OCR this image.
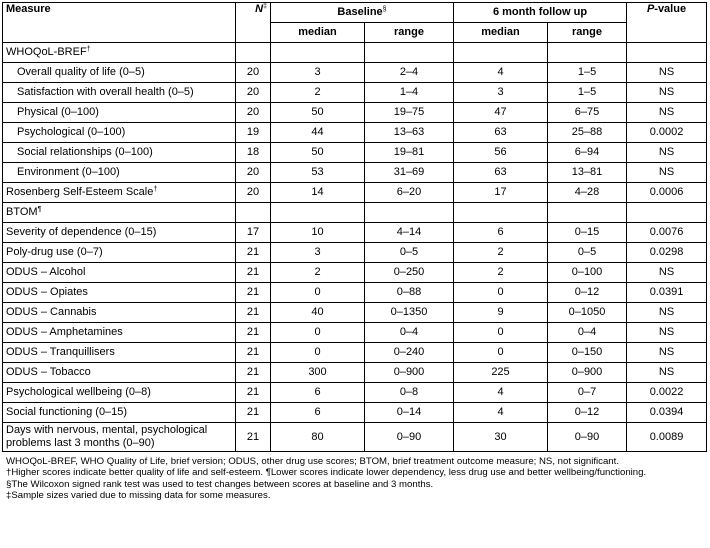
Measure	N‡	Baseline§		6 month follow up		P-value
		median	range	median	range	
WHOQoL-BREF†						
Overall quality of life (0–5)	20	3	2–4	4	1–5	NS
Satisfaction with overall health (0–5)	20	2	1–4	3	1–5	NS
Physical (0–100)	20	50	19–75	47	6–75	NS
Psychological (0–100)	19	44	13–63	63	25–88	0.0002
Social relationships (0–100)	18	50	19–81	56	6–94	NS
Environment (0–100)	20	53	31–69	63	13–81	NS
Rosenberg Self-Esteem Scale†	20	14	6–20	17	4–28	0.0006
BTOM¶						
Severity of dependence (0–15)	17	10	4–14	6	0–15	0.0076
Poly-drug use (0–7)	21	3	0–5	2	0–5	0.0298
ODUS – Alcohol	21	2	0–250	2	0–100	NS
ODUS – Opiates	21	0	0–88	0	0–12	0.0391
ODUS – Cannabis	21	40	0–1350	9	0–1050	NS
ODUS – Amphetamines	21	0	0–4	0	0–4	NS
ODUS – Tranquillisers	21	0	0–240	0	0–150	NS
ODUS – Tobacco	21	300	0–900	225	0–900	NS
Psychological wellbeing (0–8)	21	6	0–8	4	0–7	0.0022
Social functioning (0–15)	21	6	0–14	4	0–12	0.0394
Days with nervous, mental, psychological problems last 3 months (0–90)	21	80	0–90	30	0–90	0.0089
WHOQoL-BREF, WHO Quality of Life, brief version; ODUS, other drug use scores; BTOM, brief treatment outcome measure; NS, not significant.
†Higher scores indicate better quality of life and self-esteem. ¶Lower scores indicate lower dependency, less drug use and better wellbeing/functioning.
§The Wilcoxon signed rank test was used to test changes between scores at baseline and 3 months.
‡Sample sizes varied due to missing data for some measures.
